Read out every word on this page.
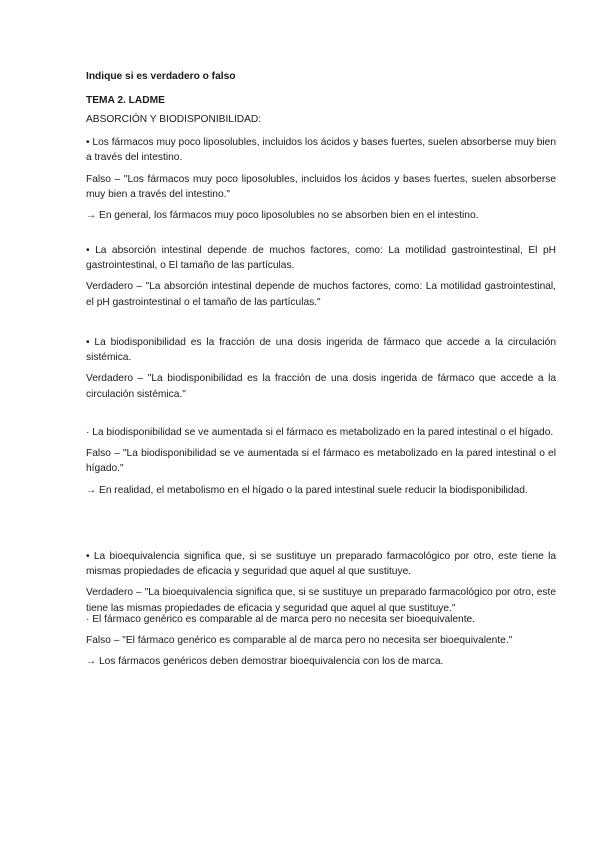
Indique si es verdadero o falso

TEMA 2. LADME

ABSORCIÓN Y BIODISPONIBILIDAD:

• Los fármacos muy poco liposolubles, incluidos los ácidos y bases fuertes, suelen absorberse muy bien a través del intestino.

Falso – "Los fármacos muy poco liposolubles, incluidos los ácidos y bases fuertes, suelen absorberse muy bien a través del intestino."

→ En general, los fármacos muy poco liposolubles no se absorben bien en el intestino.

• La absorción intestinal depende de muchos factores, como: La motilidad gastrointestinal, El pH gastrointestinal, o El tamaño de las partículas.

Verdadero – "La absorción intestinal depende de muchos factores, como: La motilidad gastrointestinal, el pH gastrointestinal o el tamaño de las partículas."

• La biodisponibilidad es la fracción de una dosis ingerida de fármaco que accede a la circulación sistémica.

Verdadero – "La biodisponibilidad es la fracción de una dosis ingerida de fármaco que accede a la circulación sistémica."

· La biodisponibilidad se ve aumentada si el fármaco es metabolizado en la pared intestinal o el hígado.

Falso – "La biodisponibilidad se ve aumentada si el fármaco es metabolizado en la pared intestinal o el hígado."

→ En realidad, el metabolismo en el hígado o la pared intestinal suele reducir la biodisponibilidad.

• La bioequivalencia significa que, si se sustituye un preparado farmacológico por otro, este tiene la mismas propiedades de eficacia y seguridad que aquel al que sustituye.

Verdadero – "La bioequivalencia significa que, si se sustituye un preparado farmacológico por otro, este tiene las mismas propiedades de eficacia y seguridad que aquel al que sustituye."

· El fármaco genérico es comparable al de marca pero no necesita ser bioequivalente.

Falso – "El fármaco genérico es comparable al de marca pero no necesita ser bioequivalente."

→ Los fármacos genéricos deben demostrar bioequivalencia con los de marca.
